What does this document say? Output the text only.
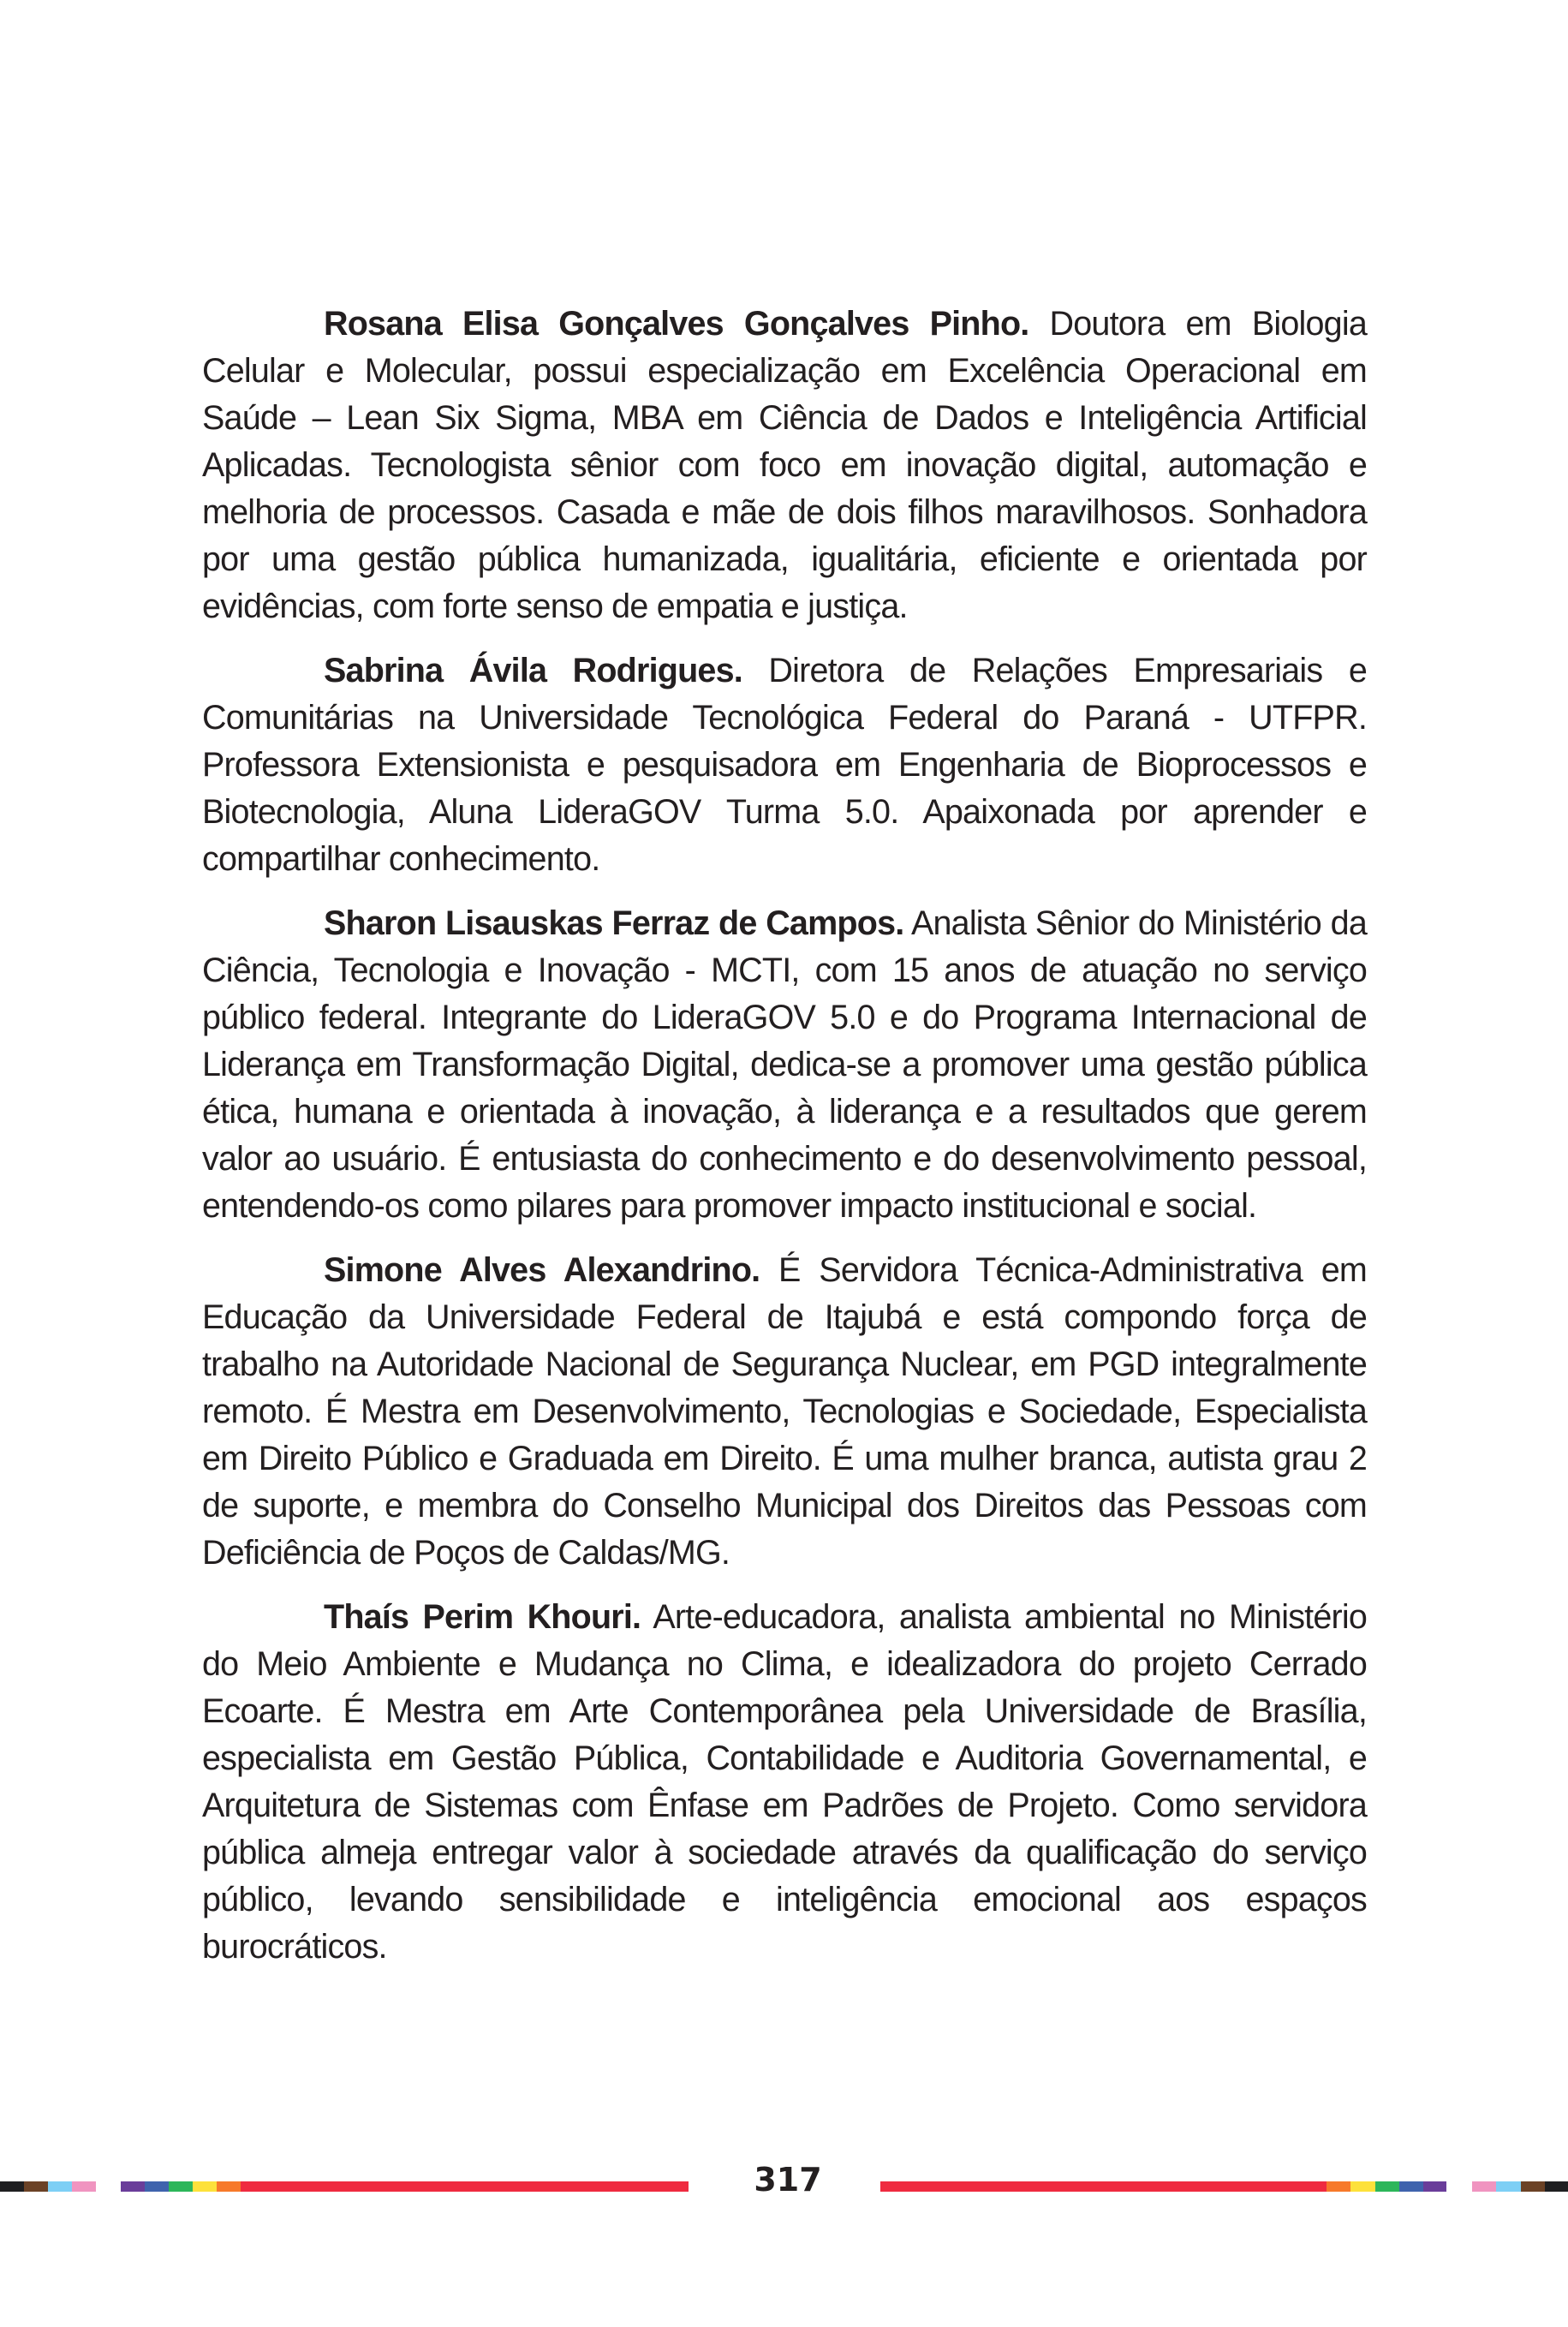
Rosana Elisa Gonçalves Gonçalves Pinho. Doutora em Biologia Celular e Molecular, possui especialização em Excelência Operacional em Saúde – Lean Six Sigma, MBA em Ciência de Dados e Inteligência Artificial Aplicadas. Tecnologista sênior com foco em inovação digital, automação e melhoria de processos. Casada e mãe de dois filhos maravilhosos. Sonhadora por uma gestão pública humanizada, igualitária, eficiente e orientada por evidências, com forte senso de empatia e justiça.

Sabrina Ávila Rodrigues. Diretora de Relações Empresariais e Comunitárias na Universidade Tecnológica Federal do Paraná - UTFPR. Professora Extensionista e pesquisadora em Engenharia de Bioprocessos e Biotecnologia, Aluna LideraGOV Turma 5.0. Apaixonada por aprender e compartilhar conhecimento.

Sharon Lisauskas Ferraz de Campos. Analista Sênior do Ministério da Ciência, Tecnologia e Inovação - MCTI, com 15 anos de atuação no serviço público federal. Integrante do LideraGOV 5.0 e do Programa Internacional de Liderança em Transformação Digital, dedica-se a promover uma gestão pública ética, humana e orientada à inovação, à liderança e a resultados que gerem valor ao usuário. É entusiasta do conhecimento e do desenvolvimento pessoal, entendendo-os como pilares para promover impacto institucional e social.

Simone Alves Alexandrino. É Servidora Técnica-Administrativa em Educação da Universidade Federal de Itajubá e está compondo força de trabalho na Autoridade Nacional de Segurança Nuclear, em PGD integralmente remoto. É Mestra em Desenvolvimento, Tecnologias e Sociedade, Especialista em Direito Público e Graduada em Direito. É uma mulher branca, autista grau 2 de suporte, e membra do Conselho Municipal dos Direitos das Pessoas com Deficiência de Poços de Caldas/MG.

Thaís Perim Khouri. Arte-educadora, analista ambiental no Ministério do Meio Ambiente e Mudança no Clima, e idealizadora do projeto Cerrado Ecoarte. É Mestra em Arte Contemporânea pela Universidade de Brasília, especialista em Gestão Pública, Contabilidade e Auditoria Governamental, e Arquitetura de Sistemas com Ênfase em Padrões de Projeto. Como servidora pública almeja entregar valor à sociedade através da qualificação do serviço público, levando sensibilidade e inteligência emocional aos espaços burocráticos.

317
